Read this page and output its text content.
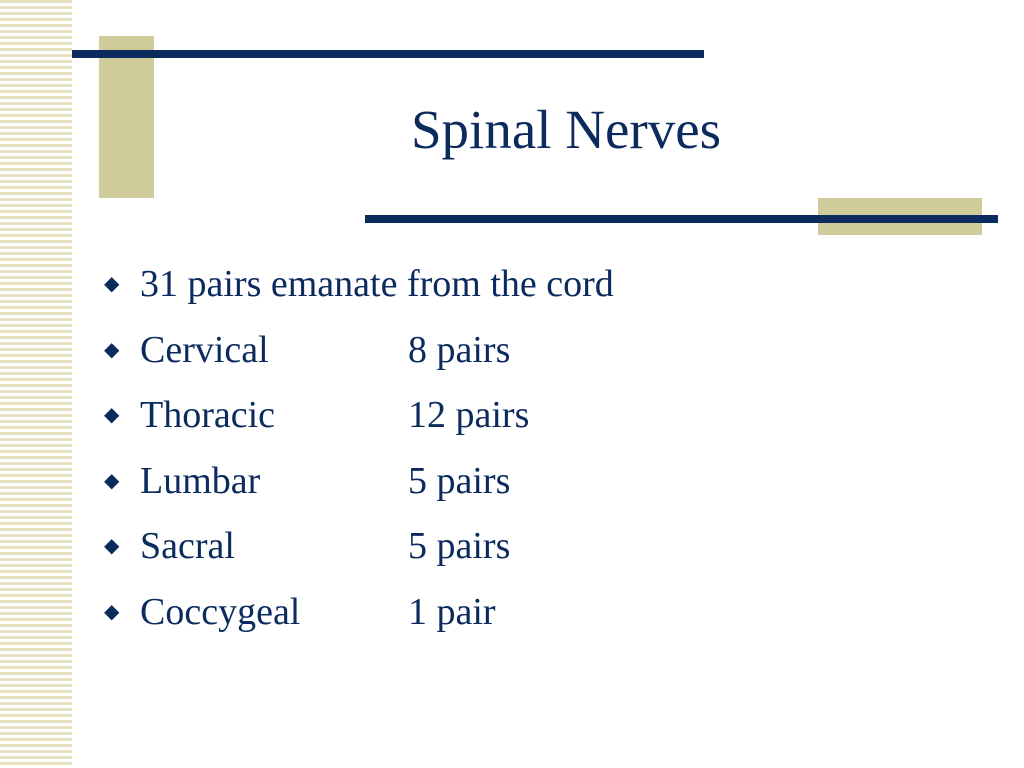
Spinal Nerves
◆ 31 pairs emanate from the cord
◆ Cervical	8 pairs
◆ Thoracic	12 pairs
◆ Lumbar	5 pairs
◆ Sacral	5 pairs
◆ Coccygeal	1 pair
